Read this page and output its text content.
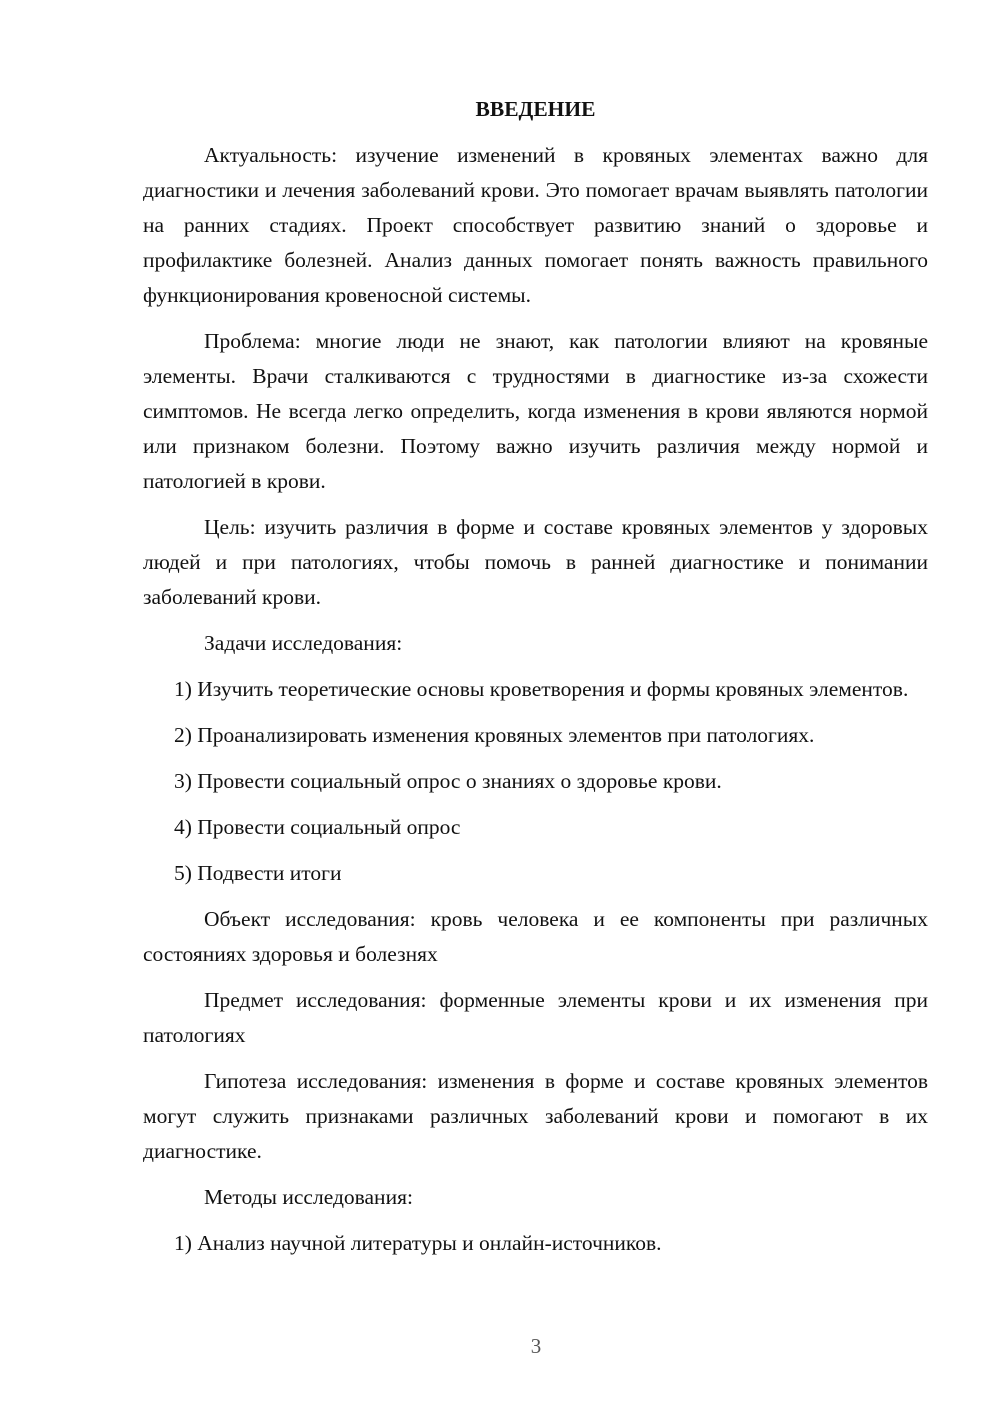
ВВЕДЕНИЕ

Актуальность: изучение изменений в кровяных элементах важно для диагностики и лечения заболеваний крови. Это помогает врачам выявлять патологии на ранних стадиях. Проект способствует развитию знаний о здоровье и профилактике болезней. Анализ данных помогает понять важность правильного функционирования кровеносной системы.

Проблема: многие люди не знают, как патологии влияют на кровяные элементы. Врачи сталкиваются с трудностями в диагностике из-за схожести симптомов. Не всегда легко определить, когда изменения в крови являются нормой или признаком болезни. Поэтому важно изучить различия между нормой и патологией в крови.

Цель: изучить различия в форме и составе кровяных элементов у здоровых людей и при патологиях, чтобы помочь в ранней диагностике и понимании заболеваний крови.

Задачи исследования:

1) Изучить теоретические основы кроветворения и формы кровяных элементов.

2) Проанализировать изменения кровяных элементов при патологиях.

3) Провести социальный опрос о знаниях о здоровье крови.

4) Провести социальный опрос

5) Подвести итоги

Объект исследования: кровь человека и ее компоненты при различных состояниях здоровья и болезнях

Предмет исследования: форменные элементы крови и их изменения при патологиях

Гипотеза исследования: изменения в форме и составе кровяных элементов могут служить признаками различных заболеваний крови и помогают в их диагностике.

Методы исследования:

1) Анализ научной литературы и онлайн-источников.

3
